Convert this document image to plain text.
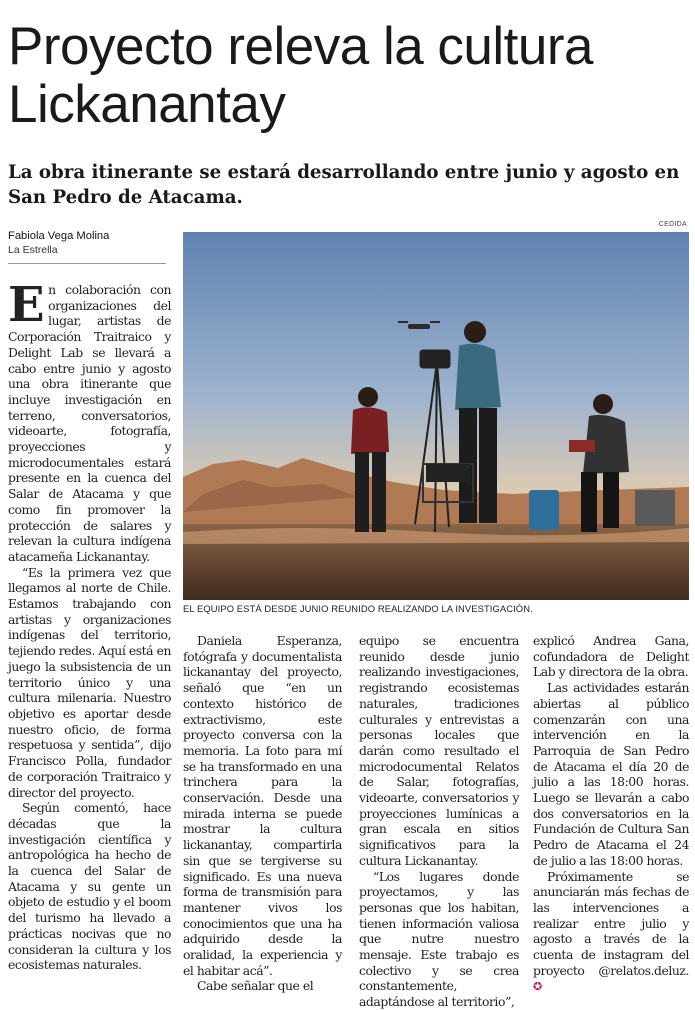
Proyecto releva la cultura Lickanantay
La obra itinerante se estará desarrollando entre junio y agosto en San Pedro de Atacama.
Fabiola Vega Molina
La Estrella
CEDIDA
EL EQUIPO ESTÁ DESDE JUNIO REUNIDO REALIZANDO LA INVESTIGACIÓN.

En colaboración con organizaciones del lugar, artistas de Corporación Traitraico y Delight Lab se llevará a cabo entre junio y agosto una obra itinerante que incluye investigación en terreno, conversatorios, videoarte, fotografía, proyecciones y microdocumentales estará presente en la cuenca del Salar de Atacama y que como fin promover la protección de salares y relevan la cultura indígena atacameña Lickanantay.

“Es la primera vez que llegamos al norte de Chile. Estamos trabajando con artistas y organizaciones indígenas del territorio, tejiendo redes. Aquí está en juego la subsistencia de un territorio único y una cultura milenaria. Nuestro objetivo es aportar desde nuestro oficio, de forma respetuosa y sentida”, dijo Francisco Polla, fundador de corporación Traitraico y director del proyecto.

Según comentó, hace décadas que la investigación científica y antropológica ha hecho de la cuenca del Salar de Atacama y su gente un objeto de estudio y el boom del turismo ha llevado a prácticas nocivas que no consideran la cultura y los ecosistemas naturales.

Daniela Esperanza, fotógrafa y documentalista lickanantay del proyecto, señaló que “en un contexto histórico de extractivismo, este proyecto conversa con la memoria. La foto para mí se ha transformado en una trinchera para la conservación. Desde una mirada interna se puede mostrar la cultura lickanantay, compartirla sin que se tergiverse su significado. Es una nueva forma de transmisión para mantener vivos los conocimientos que una ha adquirido desde la oralidad, la experiencia y el habitar acá”.

Cabe señalar que el

equipo se encuentra reunido desde junio realizando investigaciones, registrando ecosistemas naturales, tradiciones culturales y entrevistas a personas locales que darán como resultado el microdocumental Relatos de Salar, fotografías, videoarte, conversatorios y proyecciones lumínicas a gran escala en sitios significativos para la cultura Lickanantay.

“Los lugares donde proyectamos, y las personas que los habitan, tienen información valiosa que nutre nuestro mensaje. Este trabajo es colectivo y se crea constantemente, adaptándose al territorio”,

explicó Andrea Gana, cofundadora de Delight Lab y directora de la obra.

Las actividades estarán abiertas al público comenzarán con una intervención en la Parroquia de San Pedro de Atacama el día 20 de julio a las 18:00 horas. Luego se llevarán a cabo dos conversatorios en la Fundación de Cultura San Pedro de Atacama el 24 de julio a las 18:00 horas.

Próximamente se anunciarán más fechas de las intervenciones a realizar entre julio y agosto a través de la cuenta de instagram del proyecto @relatos.deluz. ✪
